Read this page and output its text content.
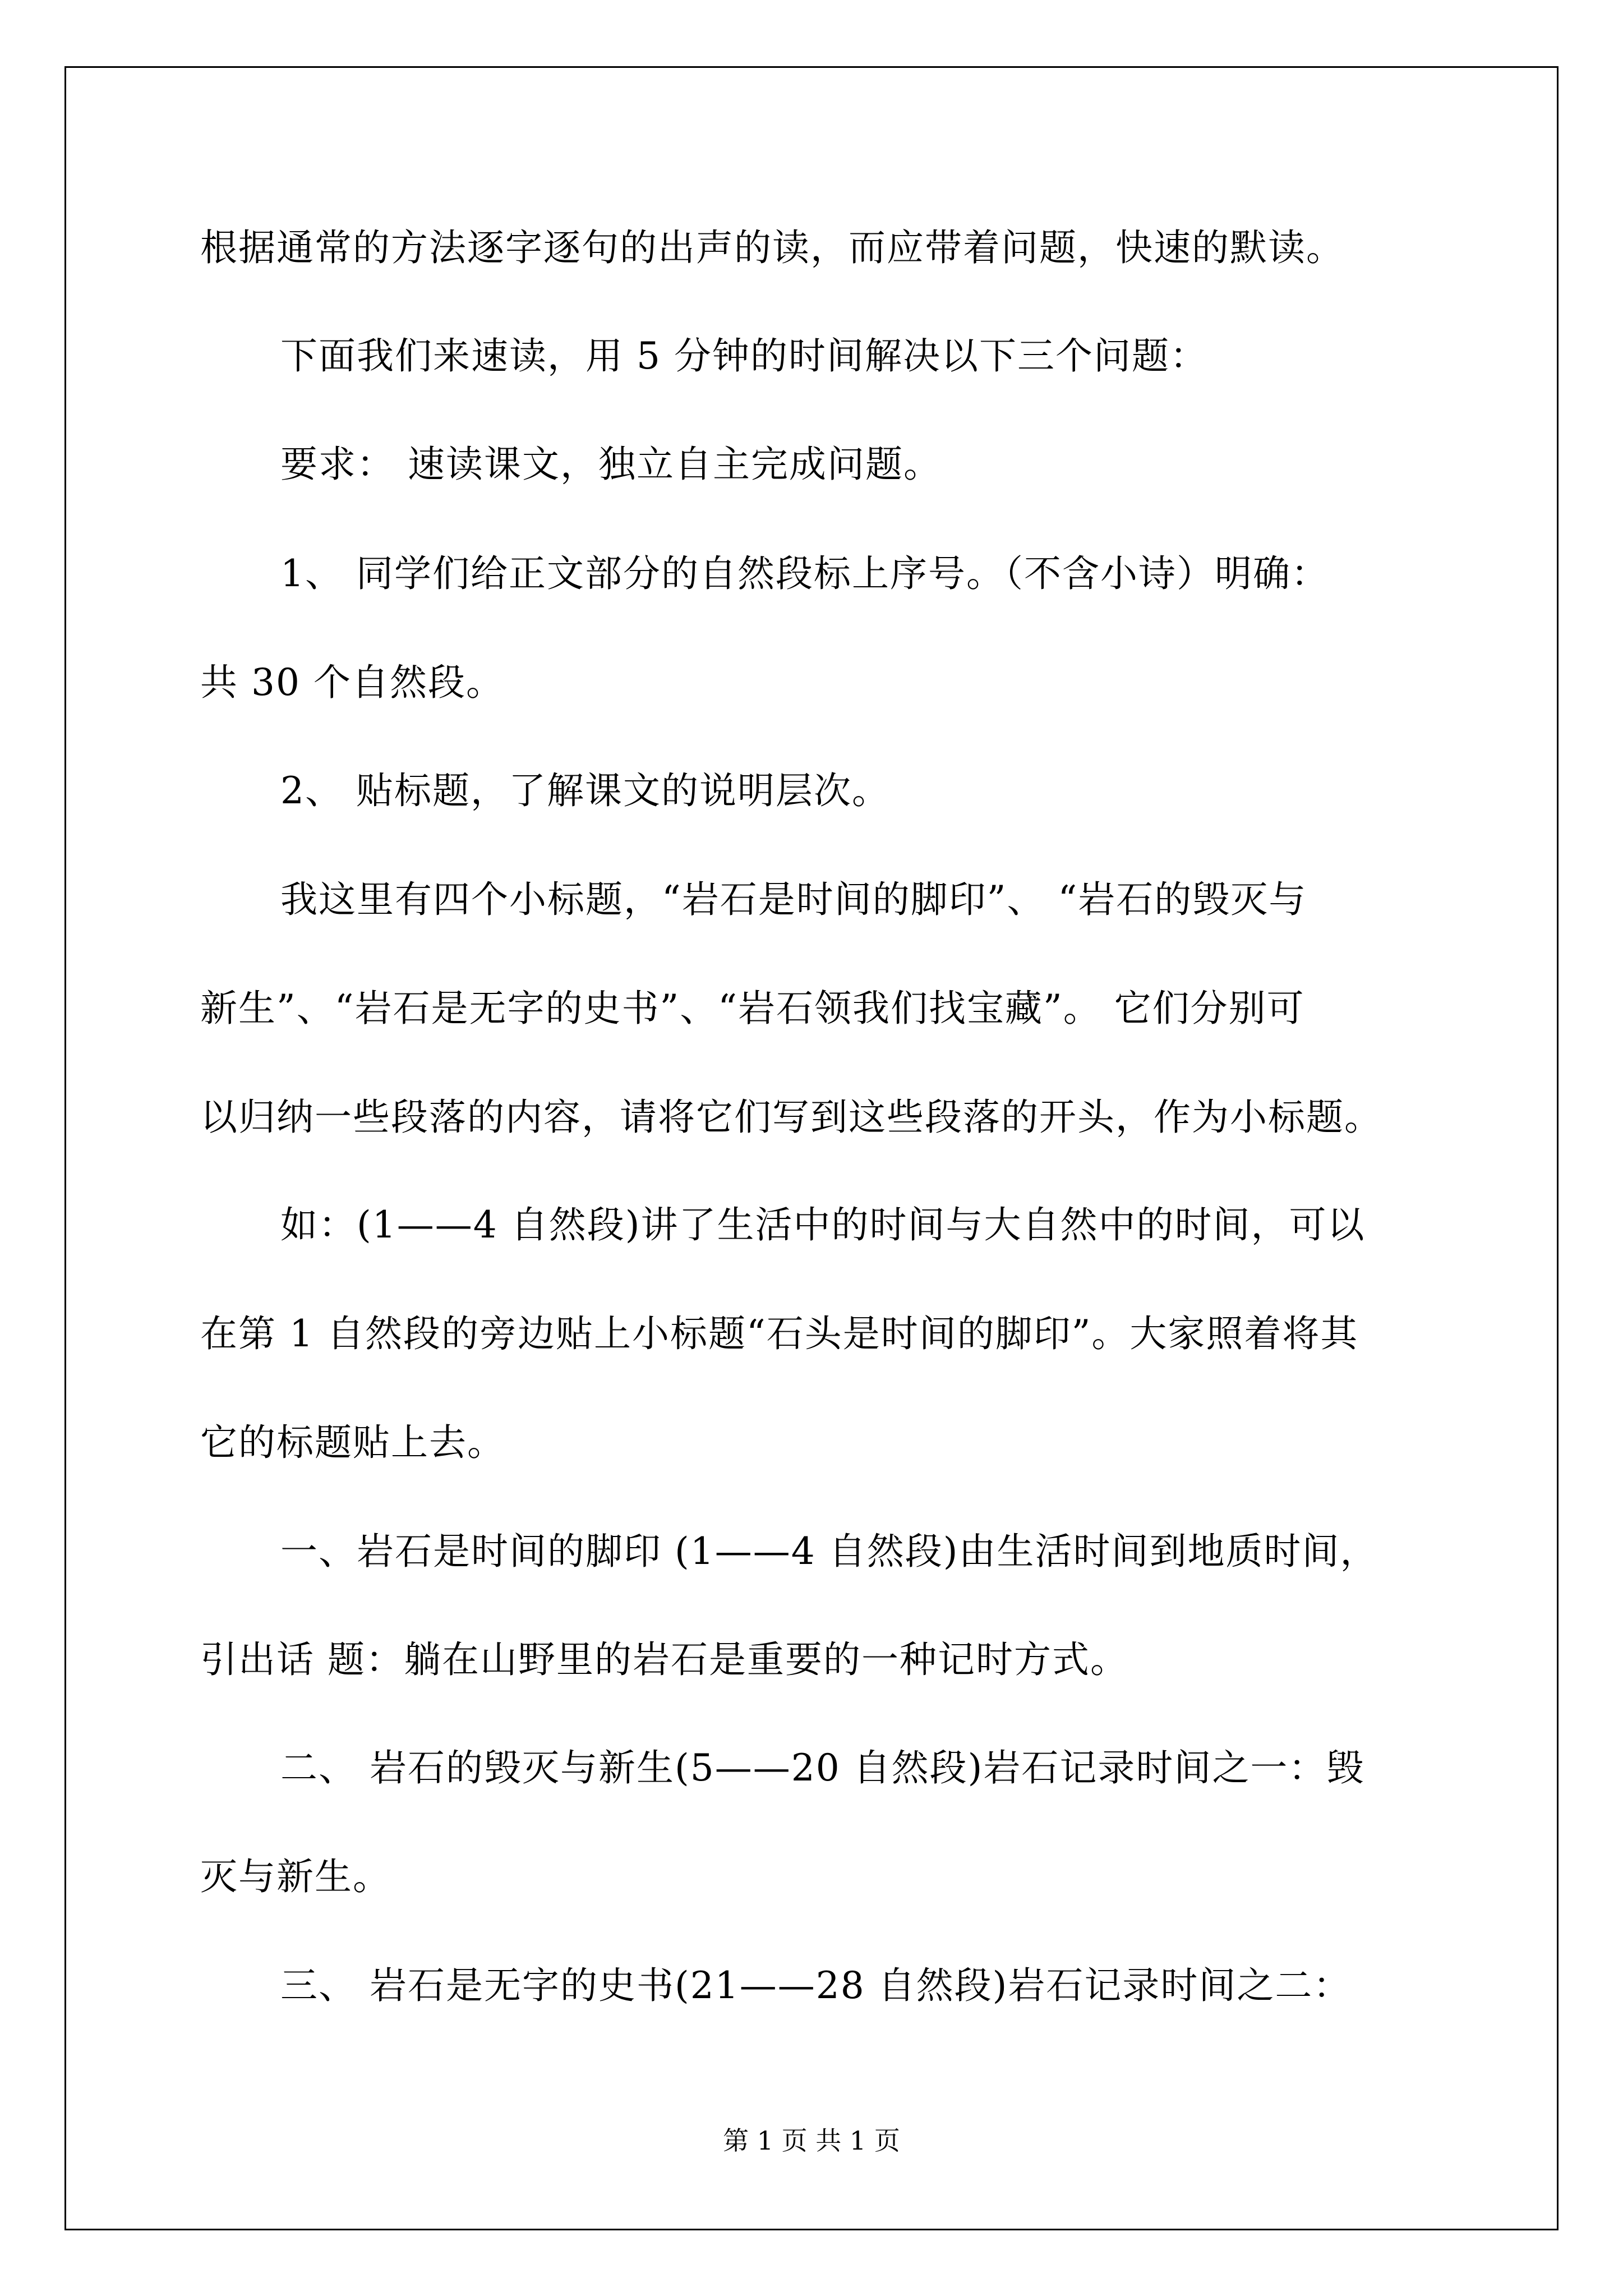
根据通常的方法逐字逐句的出声的读，而应带着问题，快速的默读。
下面我们来速读，用 5 分钟的时间解决以下三个问题：
要求： 速读课文，独立自主完成问题。
1、 同学们给正文部分的自然段标上序号。（不含小诗）明确：
共 30 个自然段。
2、 贴标题，了解课文的说明层次。
我这里有四个小标题，“岩石是时间的脚印”、 “岩石的毁灭与
新生”、“岩石是无字的史书”、“岩石领我们找宝藏”。 它们分别可
以归纳一些段落的内容，请将它们写到这些段落的开头，作为小标题。
如：(1——4 自然段)讲了生活中的时间与大自然中的时间，可以
在第 1 自然段的旁边贴上小标题“石头是时间的脚印”。大家照着将其
它的标题贴上去。
一、岩石是时间的脚印 (1——4 自然段)由生活时间到地质时间，
引出话 题：躺在山野里的岩石是重要的一种记时方式。
二、 岩石的毁灭与新生(5——20 自然段)岩石记录时间之一：毁
灭与新生。
三、 岩石是无字的史书(21——28 自然段)岩石记录时间之二：
第 1 页 共 1 页
